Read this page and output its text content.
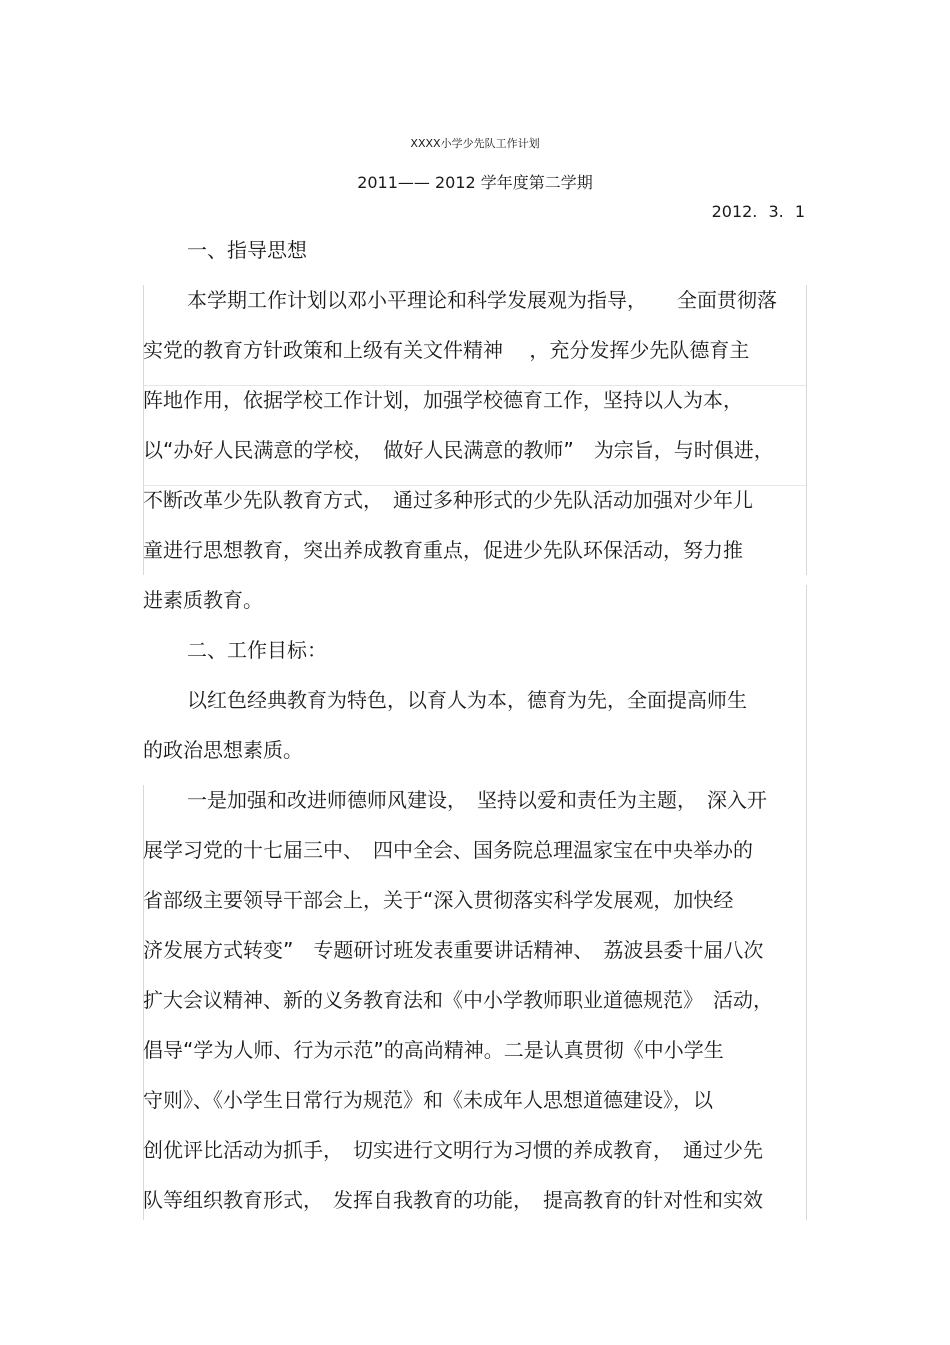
XXXX小学少先队工作计划
2011—— 2012 学年度第二学期
2012. 3. 1
一、指导思想
本学期工作计划以邓小平理论和科学发展观为指导，　　全面贯彻落
实党的教育方针政策和上级有关文件精神　 ，充分发挥少先队德育主
阵地作用，依据学校工作计划，加强学校德育工作，坚持以人为本，
以“办好人民满意的学校，　做好人民满意的教师”　为宗旨，与时俱进，
不断改革少先队教育方式，　通过多种形式的少先队活动加强对少年儿
童进行思想教育，突出养成教育重点，促进少先队环保活动，努力推
进素质教育。
二、工作目标：
以红色经典教育为特色，以育人为本，德育为先，全面提高师生
的政治思想素质。
一是加强和改进师德师风建设，　坚持以爱和责任为主题，　深入开
展学习党的十七届三中、　四中全会、国务院总理温家宝在中央举办的
省部级主要领导干部会上，关于“深入贯彻落实科学发展观，加快经
济发展方式转变”　专题研讨班发表重要讲话精神、　荔波县委十届八次
扩大会议精神、新的义务教育法和《中小学教师职业道德规范》　活动，
倡导“学为人师、行为示范”的高尚精神。二是认真贯彻《中小学生
守则》、《小学生日常行为规范》和《未成年人思想道德建设》，以
创优评比活动为抓手，　切实进行文明行为习惯的养成教育，　通过少先
队等组织教育形式，　发挥自我教育的功能，　提高教育的针对性和实效
